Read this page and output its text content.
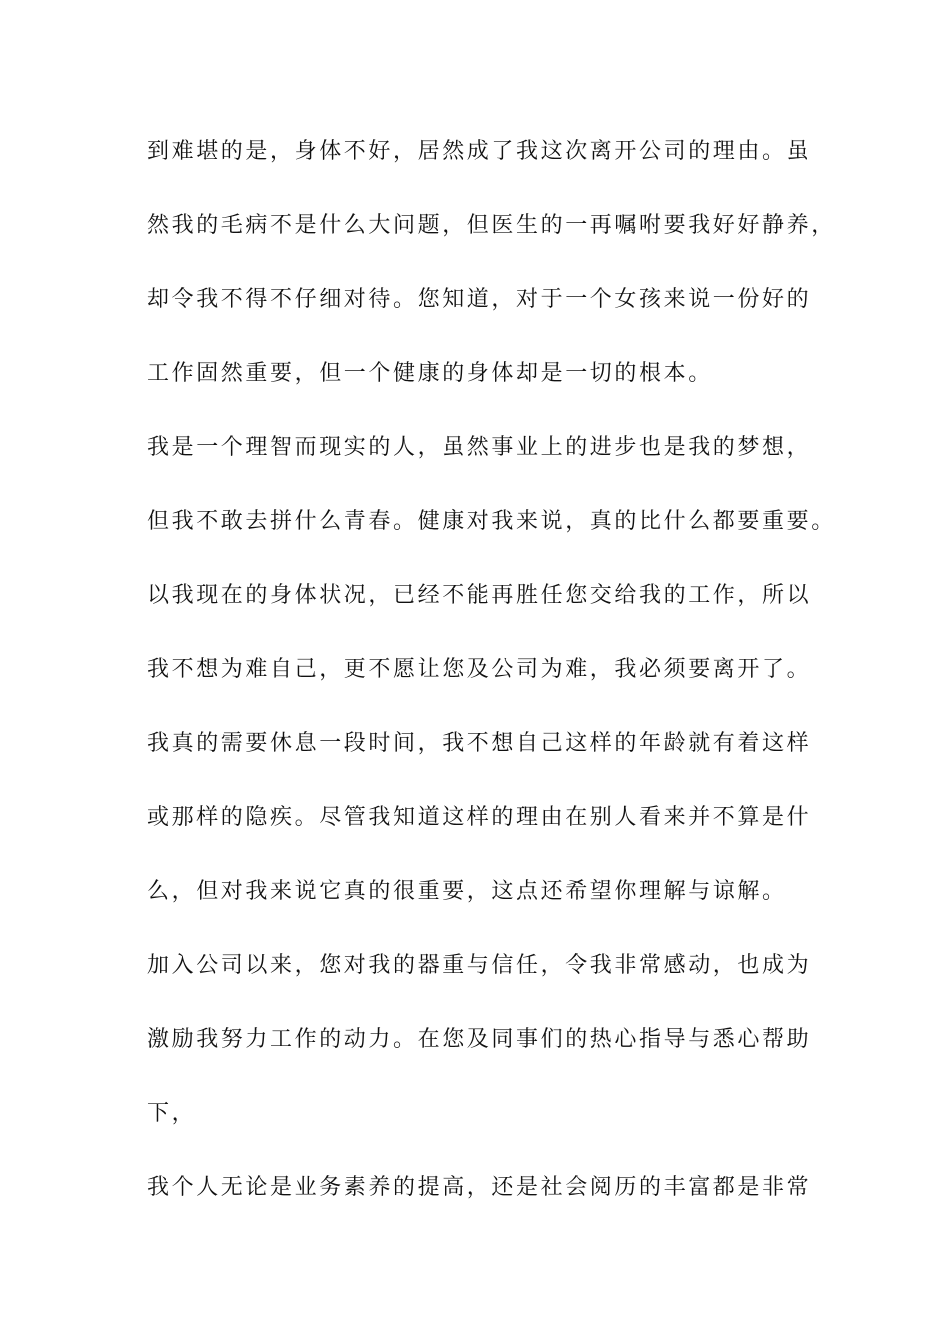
到难堪的是，身体不好，居然成了我这次离开公司的理由。虽
然我的毛病不是什么大问题，但医生的一再嘱咐要我好好静养，
却令我不得不仔细对待。您知道，对于一个女孩来说一份好的
工作固然重要，但一个健康的身体却是一切的根本。
我是一个理智而现实的人，虽然事业上的进步也是我的梦想，
但我不敢去拼什么青春。健康对我来说，真的比什么都要重要。
以我现在的身体状况，已经不能再胜任您交给我的工作，所以
我不想为难自己，更不愿让您及公司为难，我必须要离开了。
我真的需要休息一段时间，我不想自己这样的年龄就有着这样
或那样的隐疾。尽管我知道这样的理由在别人看来并不算是什
么，但对我来说它真的很重要，这点还希望你理解与谅解。
加入公司以来，您对我的器重与信任，令我非常感动，也成为
激励我努力工作的动力。在您及同事们的热心指导与悉心帮助
下，
我个人无论是业务素养的提高，还是社会阅历的丰富都是非常
